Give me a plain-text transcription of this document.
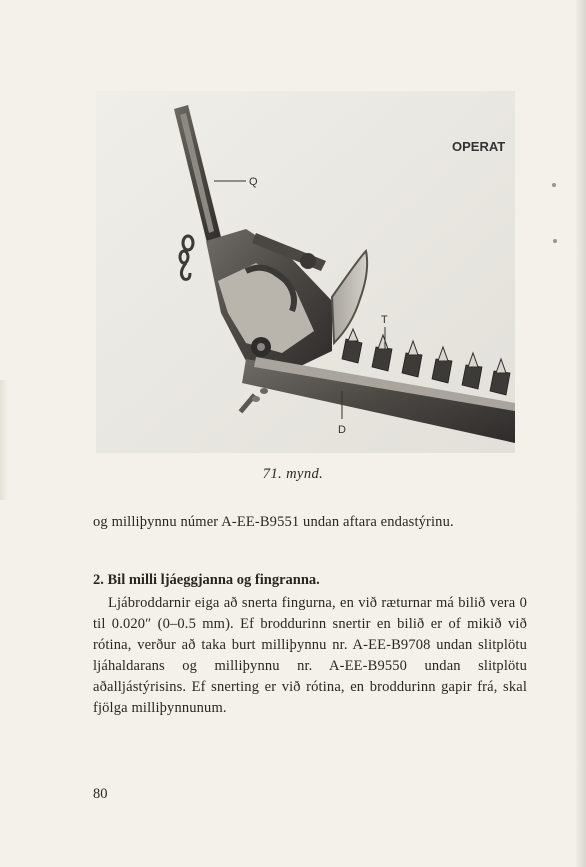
Q
T
D
OPERAT
71. mynd.
og milliþynnu númer A-EE-B9551 undan aftara endastýrinu.
2. Bil milli ljáeggjanna og fingranna.
Ljábroddarnir eiga að snerta fingurna, en við ræturnar má bilið vera 0 til 0.020″ (0–0.5 mm). Ef broddurinn snertir en bilið er of mikið við rótina, verður að taka burt milliþynnu nr. A-EE-B9708 undan slitplötu ljáhaldarans og milliþynnu nr. A-EE-B9550 undan slitplötu aðalljástýrisins. Ef snerting er við rótina, en broddurinn gapir frá, skal fjölga milliþynnunum.
80
